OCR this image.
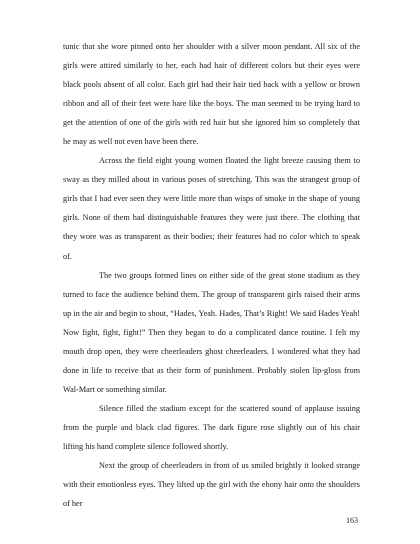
tunic that she wore pinned onto her shoulder with a silver moon pendant. All six of the girls were attired similarly to her, each had hair of different colors but their eyes were black pools absent of all color. Each girl had their hair tied back with a yellow or brown ribbon and all of their feet were bare like the boys. The man seemed to be trying hard to get the attention of one of the girls with red hair but she ignored him so completely that he may as well not even have been there.

Across the field eight young women floated the light breeze causing them to sway as they milled about in various poses of stretching. This was the strangest group of girls that I had ever seen they were little more than wisps of smoke in the shape of young girls. None of them had distinguishable features they were just there. The clothing that they wore was as transparent as their bodies; their features had no color which to speak of.

The two groups formed lines on either side of the great stone stadium as they turned to face the audience behind them. The group of transparent girls raised their arms up in the air and begin to shout, “Hades, Yeah. Hades, That’s Right! We said Hades Yeah! Now fight, fight, fight!” Then they began to do a complicated dance routine. I felt my mouth drop open, they were cheerleaders ghost cheerleaders. I wondered what they had done in life to receive that as their form of punishment. Probably stolen lip-gloss from Wal-Mart or something similar.

Silence filled the stadium except for the scattered sound of applause issuing from the purple and black clad figures. The dark figure rose slightly out of his chair lifting his hand complete silence followed shortly.

Next the group of cheerleaders in front of us smiled brightly it looked strange with their emotionless eyes. They lifted up the girl with the ebony hair onto the shoulders of her

163
